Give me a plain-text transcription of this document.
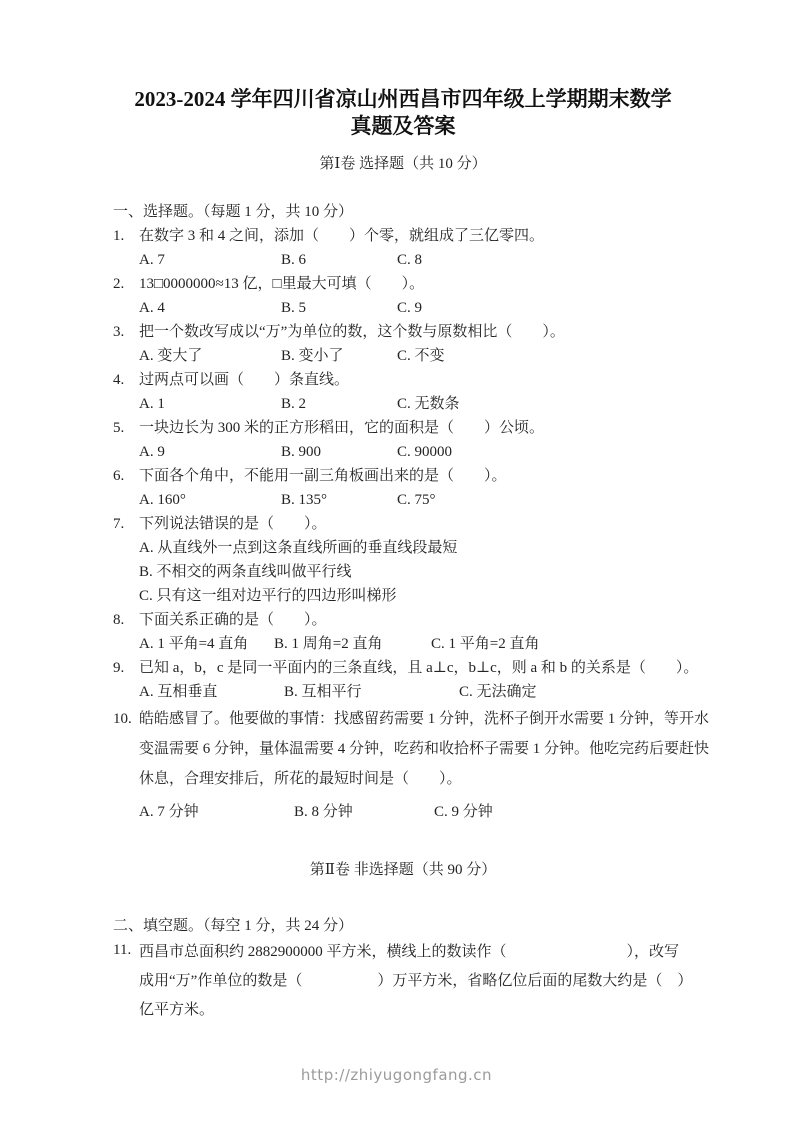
2023-2024 学年四川省凉山州西昌市四年级上学期期末数学
真题及答案
第Ⅰ卷 选择题（共 10 分）
一、选择题。（每题 1 分，共 10 分）
1. 在数字 3 和 4 之间，添加（　　）个零，就组成了三亿零四。
A. 7	B. 6	C. 8
2. 13□0000000≈13 亿，□里最大可填（　　）。
A. 4	B. 5	C. 9
3. 把一个数改写成以“万”为单位的数，这个数与原数相比（　　）。
A. 变大了	B. 变小了	C. 不变
4. 过两点可以画（　　）条直线。
A. 1	B. 2	C. 无数条
5. 一块边长为 300 米的正方形稻田，它的面积是（　　）公顷。
A. 9	B. 900	C. 90000
6. 下面各个角中，不能用一副三角板画出来的是（　　）。
A. 160°	B. 135°	C. 75°
7. 下列说法错误的是（　　）。
A. 从直线外一点到这条直线所画的垂直线段最短
B. 不相交的两条直线叫做平行线
C. 只有这一组对边平行的四边形叫梯形
8. 下面关系正确的是（　　）。
A. 1 平角=4 直角	B. 1 周角=2 直角	C. 1 平角=2 直角
9. 已知 a，b，c 是同一平面内的三条直线，且 a⊥c，b⊥c，则 a 和 b 的关系是（　　）。
A. 互相垂直	B. 互相平行	C. 无法确定
10. 皓皓感冒了。他要做的事情：找感留药需要 1 分钟，洗杯子倒开水需要 1 分钟，等开水
变温需要 6 分钟，量体温需要 4 分钟，吃药和收拾杯子需要 1 分钟。他吃完药后要赶快
休息，合理安排后，所花的最短时间是（　　）。
A. 7 分钟	B. 8 分钟	C. 9 分钟
第Ⅱ卷 非选择题（共 90 分）
二、填空题。（每空 1 分，共 24 分）
11. 西昌市总面积约 2882900000 平方米，横线上的数读作（　　　　　　　　），改写
成用“万”作单位的数是（　　　　　）万平方米，省略亿位后面的尾数大约是（　）
亿平方米。
http://zhiyugongfang.cn
